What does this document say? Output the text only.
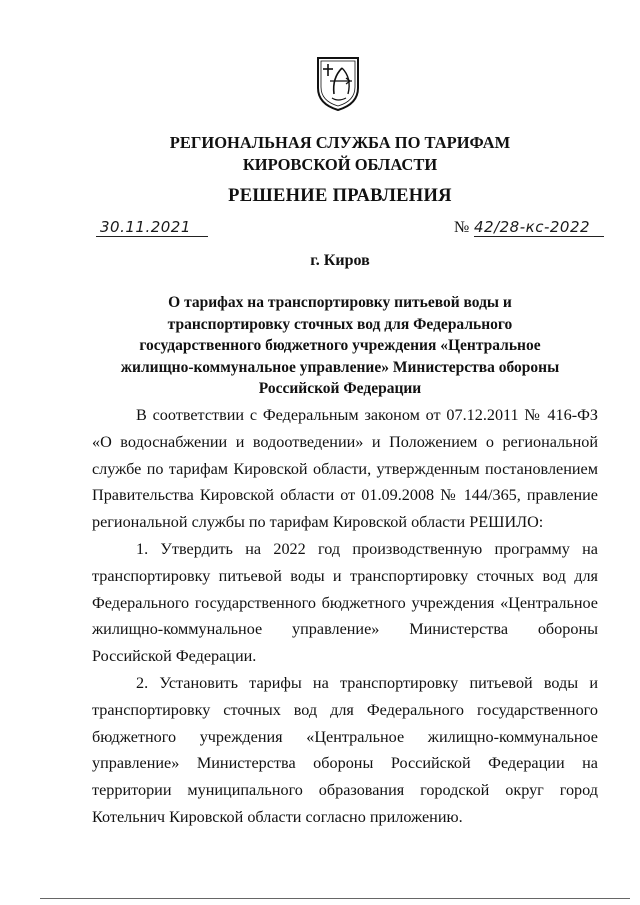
РЕГИОНАЛЬНАЯ СЛУЖБА ПО ТАРИФАМ
КИРОВСКОЙ ОБЛАСТИ
РЕШЕНИЕ ПРАВЛЕНИЯ
30.11.2021	№ 42/28-кс-2022
г. Киров
О тарифах на транспортировку питьевой воды и транспортировку сточных вод для Федерального государственного бюджетного учреждения «Центральное жилищно-коммунальное управление» Министерства обороны Российской Федерации

В соответствии с Федеральным законом от 07.12.2011 № 416-ФЗ «О водоснабжении и водоотведении» и Положением о региональной службе по тарифам Кировской области, утвержденным постановлением Правительства Кировской области от 01.09.2008 № 144/365, правление региональной службы по тарифам Кировской области РЕШИЛО:

1. Утвердить на 2022 год производственную программу на транспортировку питьевой воды и транспортировку сточных вод для Федерального государственного бюджетного учреждения «Центральное жилищно-коммунальное управление» Министерства обороны Российской Федерации.

2. Установить тарифы на транспортировку питьевой воды и транспортировку сточных вод для Федерального государственного бюджетного учреждения «Центральное жилищно-коммунальное управление» Министерства обороны Российской Федерации на территории муниципального образования городской округ город Котельнич Кировской области согласно приложению.
